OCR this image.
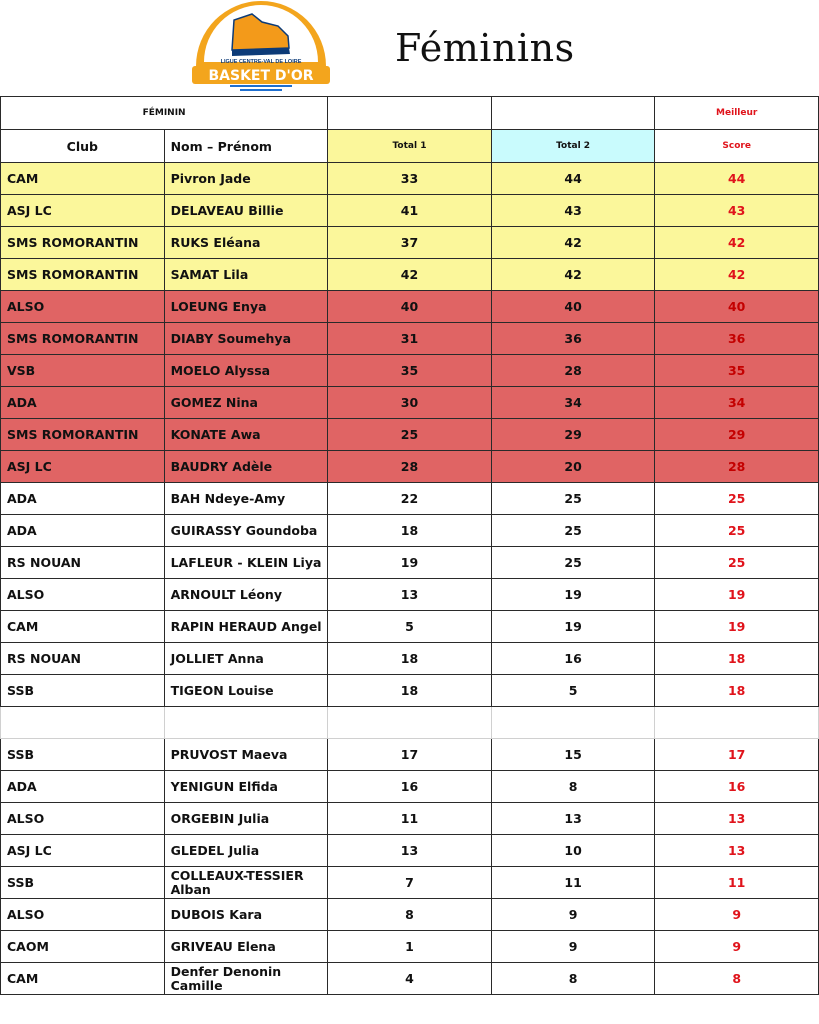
LIGUE CENTRE-VAL DE LOIRE
BASKET D'OR
Féminins
FÉMININ				Meilleur
Club	Nom – Prénom	Total 1	Total 2	Score
CAM	Pivron Jade	33	44	44
ASJ LC	DELAVEAU Billie	41	43	43
SMS ROMORANTIN	RUKS Eléana	37	42	42
SMS ROMORANTIN	SAMAT Lila	42	42	42
ALSO	LOEUNG Enya	40	40	40
SMS ROMORANTIN	DIABY Soumehya	31	36	36
VSB	MOELO Alyssa	35	28	35
ADA	GOMEZ Nina	30	34	34
SMS ROMORANTIN	KONATE Awa	25	29	29
ASJ LC	BAUDRY Adèle	28	20	28
ADA	BAH Ndeye-Amy	22	25	25
ADA	GUIRASSY Goundoba	18	25	25
RS NOUAN	LAFLEUR - KLEIN Liya	19	25	25
ALSO	ARNOULT Léony	13	19	19
CAM	RAPIN HERAUD Angel	5	19	19
RS NOUAN	JOLLIET Anna	18	16	18
SSB	TIGEON Louise	18	5	18

SSB	PRUVOST Maeva	17	15	17
ADA	YENIGUN Elfida	16	8	16
ALSO	ORGEBIN Julia	11	13	13
ASJ LC	GLEDEL Julia	13	10	13
SSB	COLLEAUX-TESSIER Alban	7	11	11
ALSO	DUBOIS Kara	8	9	9
CAOM	GRIVEAU Elena	1	9	9
CAM	Denfer Denonin Camille	4	8	8
